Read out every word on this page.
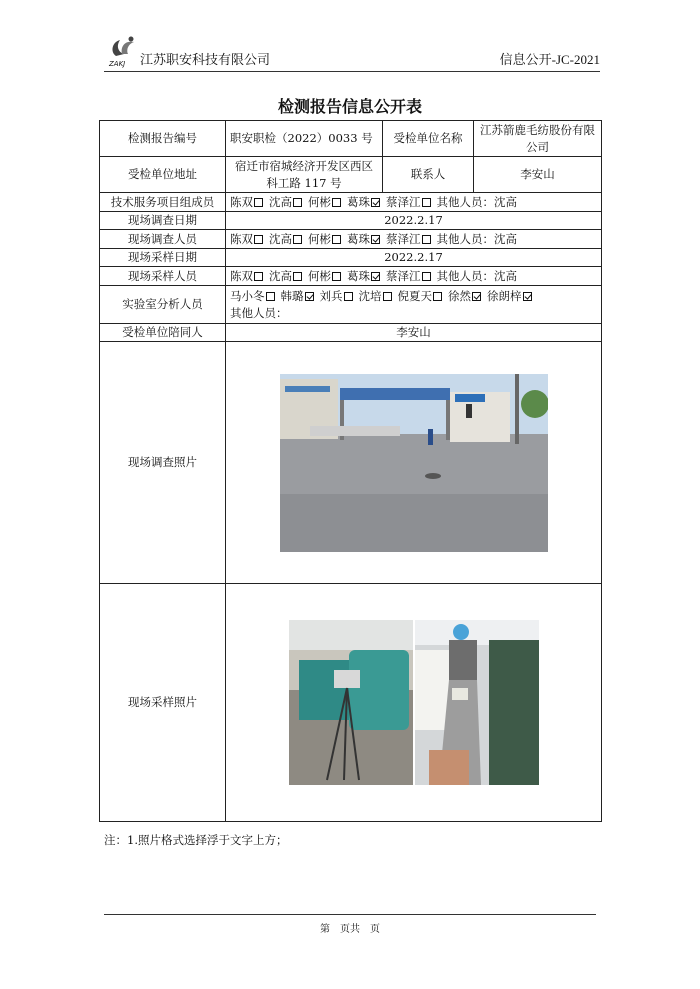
ZAKJ 江苏职安科技有限公司	信息公开-JC-2021
检测报告信息公开表
检测报告编号	职安职检（2022）0033 号	受检单位名称	江苏箭鹿毛纺股份有限公司
受检单位地址	宿迁市宿城经济开发区西区科工路 117 号	联系人	李安山
技术服务项目组成员	陈双 沈高 何彬 葛珠 蔡泽江 其他人员：沈高		
现场调查日期	2022.2.17		
现场调查人员	陈双 沈高 何彬 葛珠 蔡泽江 其他人员：沈高		
现场采样日期	2022.2.17		
现场采样人员	陈双 沈高 何彬 葛珠 蔡泽江 其他人员：沈高		
实验室分析人员	马小冬 韩璐 刘兵 沈培 倪夏天 徐然 徐朗梓
其他人员：		
受检单位陪同人	李安山		
现场调查照片	

现场采样照片	
注：1.照片格式选择浮于文字上方；
第　页共　页
